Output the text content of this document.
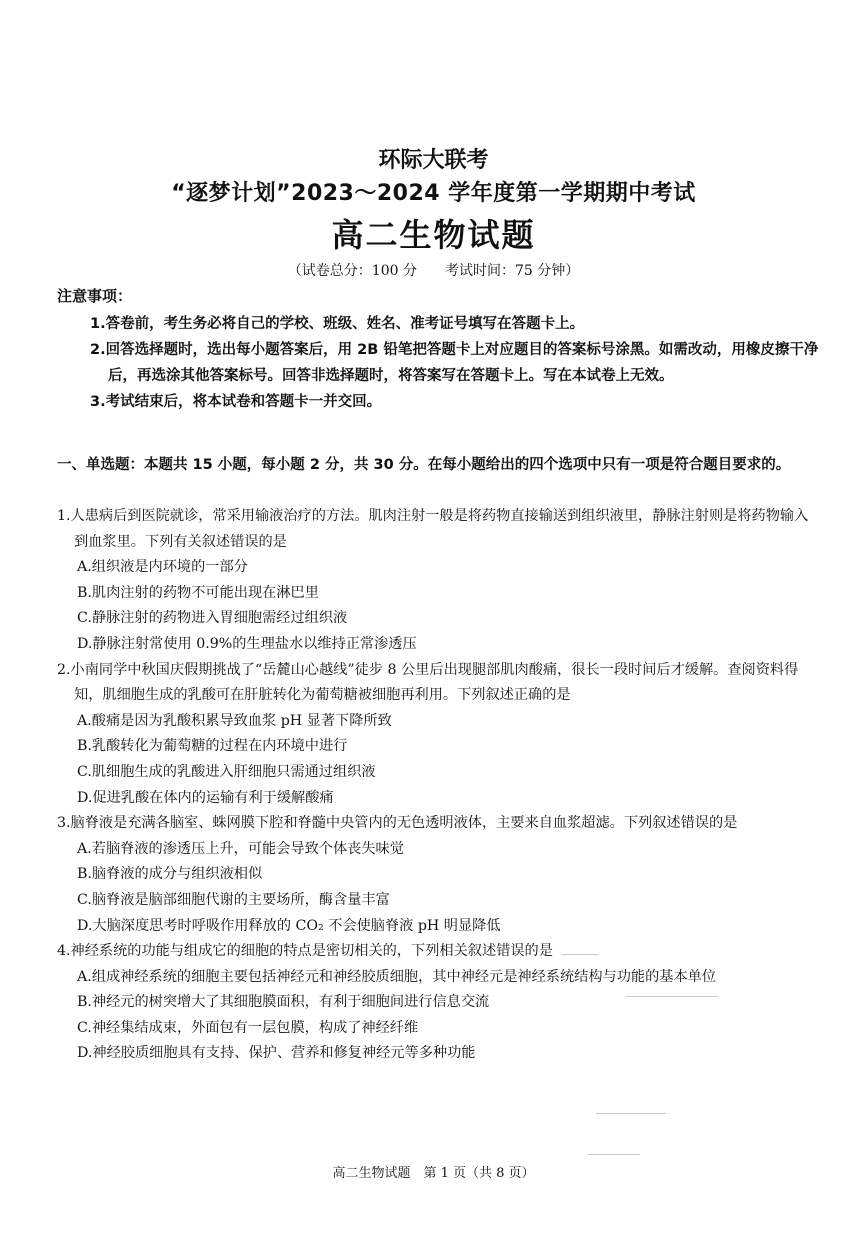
环际大联考
“逐梦计划”2023～2024 学年度第一学期期中考试
高二生物试题
（试卷总分：100 分　　考试时间：75 分钟）
注意事项：
1.答卷前，考生务必将自己的学校、班级、姓名、准考证号填写在答题卡上。
2.回答选择题时，选出每小题答案后，用 2B 铅笔把答题卡上对应题目的答案标号涂黑。如需改动，用橡皮擦干净后，再选涂其他答案标号。回答非选择题时，将答案写在答题卡上。写在本试卷上无效。
3.考试结束后，将本试卷和答题卡一并交回。
一、单选题：本题共 15 小题，每小题 2 分，共 30 分。在每小题给出的四个选项中只有一项是符合题目要求的。
1.人患病后到医院就诊，常采用输液治疗的方法。肌肉注射一般是将药物直接输送到组织液里，静脉注射则是将药物输入到血浆里。下列有关叙述错误的是
A.组织液是内环境的一部分
B.肌肉注射的药物不可能出现在淋巴里
C.静脉注射的药物进入胃细胞需经过组织液
D.静脉注射常使用 0.9%的生理盐水以维持正常渗透压
2.小南同学中秋国庆假期挑战了“岳麓山心越线”徒步 8 公里后出现腿部肌肉酸痛，很长一段时间后才缓解。查阅资料得知，肌细胞生成的乳酸可在肝脏转化为葡萄糖被细胞再利用。下列叙述正确的是
A.酸痛是因为乳酸积累导致血浆 pH 显著下降所致
B.乳酸转化为葡萄糖的过程在内环境中进行
C.肌细胞生成的乳酸进入肝细胞只需通过组织液
D.促进乳酸在体内的运输有利于缓解酸痛
3.脑脊液是充满各脑室、蛛网膜下腔和脊髓中央管内的无色透明液体，主要来自血浆超滤。下列叙述错误的是
A.若脑脊液的渗透压上升，可能会导致个体丧失味觉
B.脑脊液的成分与组织液相似
C.脑脊液是脑部细胞代谢的主要场所，酶含量丰富
D.大脑深度思考时呼吸作用释放的 CO₂ 不会使脑脊液 pH 明显降低
4.神经系统的功能与组成它的细胞的特点是密切相关的，下列相关叙述错误的是
A.组成神经系统的细胞主要包括神经元和神经胶质细胞，其中神经元是神经系统结构与功能的基本单位
B.神经元的树突增大了其细胞膜面积，有利于细胞间进行信息交流
C.神经集结成束，外面包有一层包膜，构成了神经纤维
D.神经胶质细胞具有支持、保护、营养和修复神经元等多种功能
高二生物试题　第 1 页（共 8 页）
